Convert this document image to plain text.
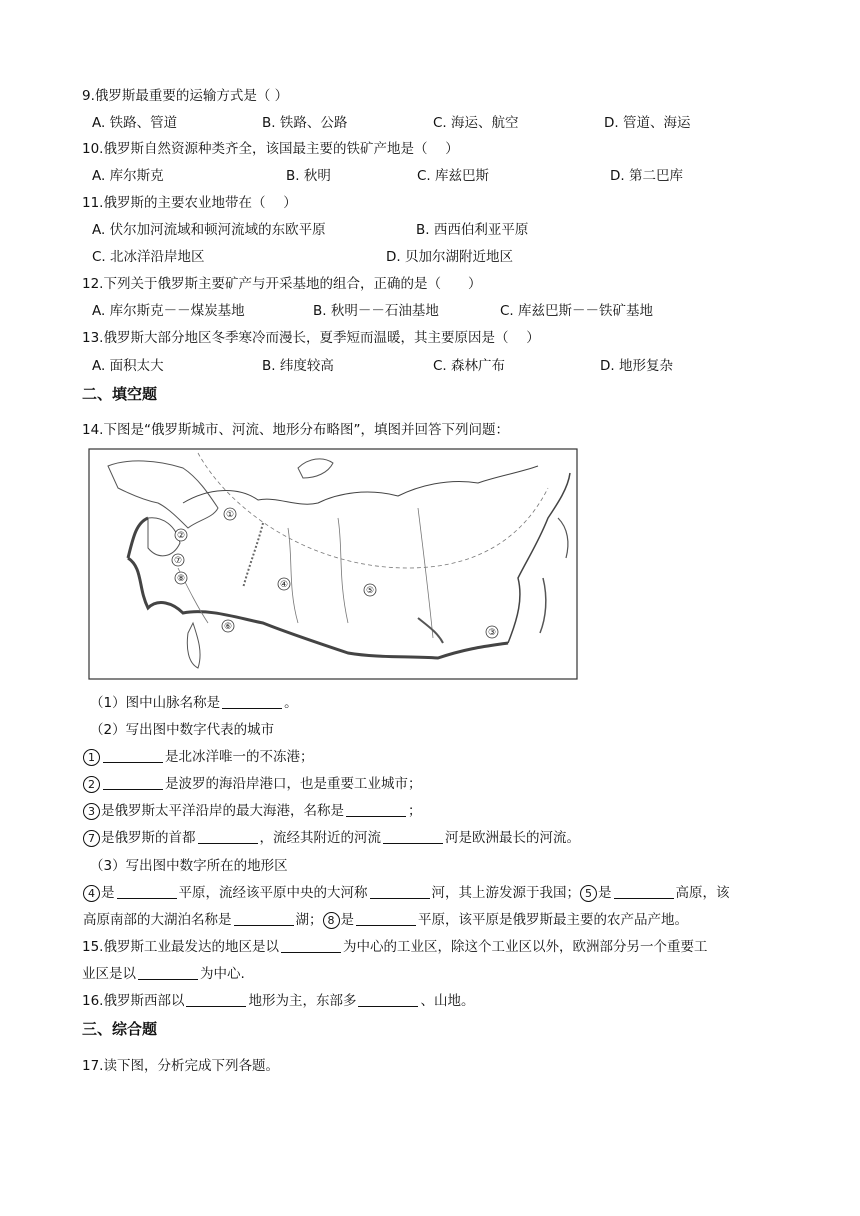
9.俄罗斯最重要的运输方式是（ ）
A. 铁路、管道	B. 铁路、公路	C. 海运、航空	D. 管道、海运
10.俄罗斯自然资源种类齐全，该国最主要的铁矿产地是（　 ）
A. 库尔斯克	B. 秋明	C. 库兹巴斯	D. 第二巴库
11.俄罗斯的主要农业地带在（　 ）
A. 伏尔加河流域和顿河流域的东欧平原	B. 西西伯利亚平原
C. 北冰洋沿岸地区	D. 贝加尔湖附近地区
12.下列关于俄罗斯主要矿产与开采基地的组合，正确的是（　　）
A. 库尔斯克－－煤炭基地	B. 秋明－－石油基地	C. 库兹巴斯－－铁矿基地
13.俄罗斯大部分地区冬季寒冷而漫长，夏季短而温暖，其主要原因是（　 ）
A. 面积太大	B. 纬度较高	C. 森林广布	D. 地形复杂
二、填空题
14.下图是“俄罗斯城市、河流、地形分布略图”，填图并回答下列问题：
①
②
③
④
⑤
⑥
⑦
⑧
（1）图中山脉名称是	。
（2）写出图中数字代表的城市
1	是北冰洋唯一的不冻港；
2	是波罗的海沿岸港口，也是重要工业城市；
3 是俄罗斯太平洋沿岸的最大海港，名称是	；
7 是俄罗斯的首都	，流经其附近的河流	河是欧洲最长的河流。
（3）写出图中数字所在的地形区
4 是	平原，流经该平原中央的大河称	河，其上游发源于我国； 5 是	高原，该
高原南部的大湖泊名称是	湖； 8 是	平原，该平原是俄罗斯最主要的农产品产地。
15.俄罗斯工业最发达的地区是以	为中心的工业区，除这个工业区以外，欧洲部分另一个重要工
业区是以	为中心.
16.俄罗斯西部以	地形为主，东部多	、山地。
三、综合题
17.读下图，分析完成下列各题。
